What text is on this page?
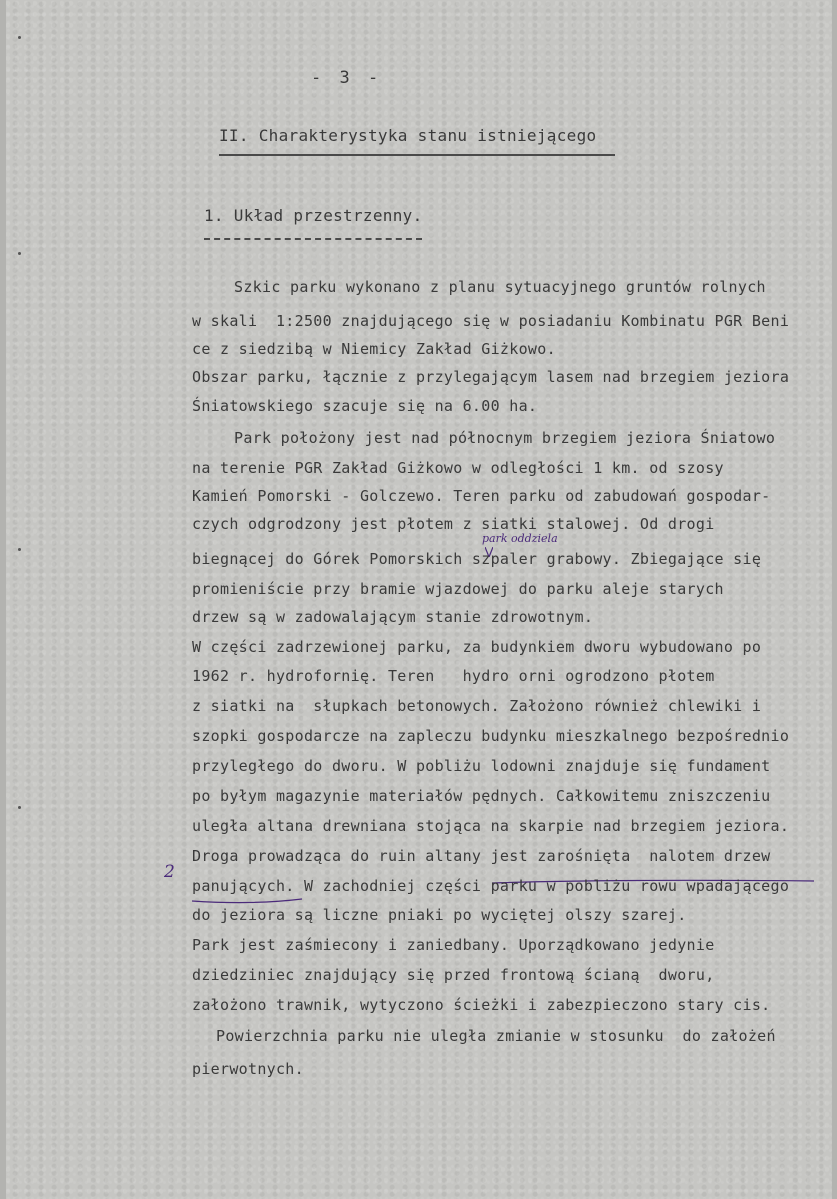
- 3 -
II. Charakterystyka stanu istniejącego
1. Układ przestrzenny.
Szkic parku wykonano z planu sytuacyjnego gruntów rolnych
w skali  1:2500 znajdującego się w posiadaniu Kombinatu PGR Beni
ce z siedzibą w Niemicy Zakład Giżkowo.
Obszar parku, łącznie z przylegającym lasem nad brzegiem jeziora
Śniatowskiego szacuje się na 6.00 ha.
Park położony jest nad północnym brzegiem jeziora Śniatowo
na terenie PGR Zakład Giżkowo w odległości 1 km. od szosy
Kamień Pomorski - Golczewo. Teren parku od zabudowań gospodar-
czych odgrodzony jest płotem z siatki stalowej. Od drogi
park oddziela
biegnącej do Górek Pomorskich szpaler grabowy. Zbiegające się
promieniście przy bramie wjazdowej do parku aleje starych
drzew są w zadowalającym stanie zdrowotnym.
W części zadrzewionej parku, za budynkiem dworu wybudowano po
1962 r. hydrofornię. Teren   hydro orni ogrodzono płotem
z siatki na  słupkach betonowych. Założono również chlewiki i
szopki gospodarcze na zapleczu budynku mieszkalnego bezpośrednio
przyległego do dworu. W pobliżu lodowni znajduje się fundament
po byłym magazynie materiałów pędnych. Całkowitemu zniszczeniu
uległa altana drewniana stojąca na skarpie nad brzegiem jeziora.
Droga prowadząca do ruin altany jest zarośnięta  nalotem drzew
2
panujących. W zachodniej części parku w pobliżu rowu wpadającego
do jeziora są liczne pniaki po wyciętej olszy szarej.
Park jest zaśmiecony i zaniedbany. Uporządkowano jedynie
dziedziniec znajdujący się przed frontową ścianą  dworu,
założono trawnik, wytyczono ścieżki i zabezpieczono stary cis.
Powierzchnia parku nie uległa zmianie w stosunku  do założeń
pierwotnych.
